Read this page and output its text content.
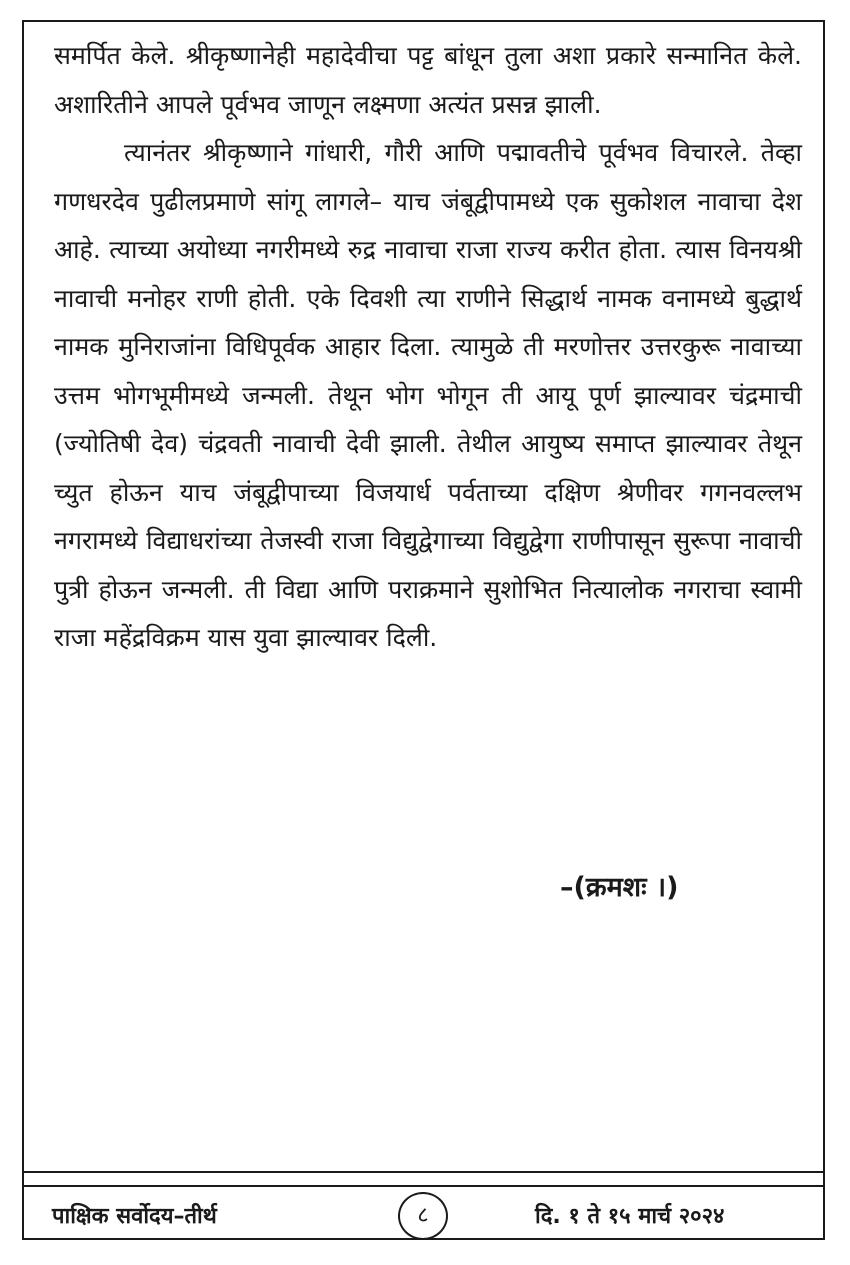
समर्पित केले. श्रीकृष्णानेही महादेवीचा पट्ट बांधून तुला अशा प्रकारे सन्मानित केले. अशारितीने आपले पूर्वभव जाणून लक्ष्मणा अत्यंत प्रसन्न झाली.

त्यानंतर श्रीकृष्णाने गांधारी, गौरी आणि पद्मावतीचे पूर्वभव विचारले. तेव्हा गणधरदेव पुढीलप्रमाणे सांगू लागले– याच जंबूद्वीपामध्ये एक सुकोशल नावाचा देश आहे. त्याच्या अयोध्या नगरीमध्ये रुद्र नावाचा राजा राज्य करीत होता. त्यास विनयश्री नावाची मनोहर राणी होती. एके दिवशी त्या राणीने सिद्धार्थ नामक वनामध्ये बुद्धार्थ नामक मुनिराजांना विधिपूर्वक आहार दिला. त्यामुळे ती मरणोत्तर उत्तरकुरू नावाच्या उत्तम भोगभूमीमध्ये जन्मली. तेथून भोग भोगून ती आयू पूर्ण झाल्यावर चंद्रमाची (ज्योतिषी देव) चंद्रवती नावाची देवी झाली. तेथील आयुष्य समाप्त झाल्यावर तेथून च्युत होऊन याच जंबूद्वीपाच्या विजयार्ध पर्वताच्या दक्षिण श्रेणीवर गगनवल्लभ नगरामध्ये विद्याधरांच्या तेजस्वी राजा विद्युद्वेगाच्या विद्युद्वेगा राणीपासून सुरूपा नावाची पुत्री होऊन जन्मली. ती विद्या आणि पराक्रमाने सुशोभित नित्यालोक नगराचा स्वामी राजा महेंद्रविक्रम यास युवा झाल्यावर दिली.

–(क्रमशः ।)
पाक्षिक सर्वोदय–तीर्थ	८	दि. १ ते १५ मार्च २०२४
